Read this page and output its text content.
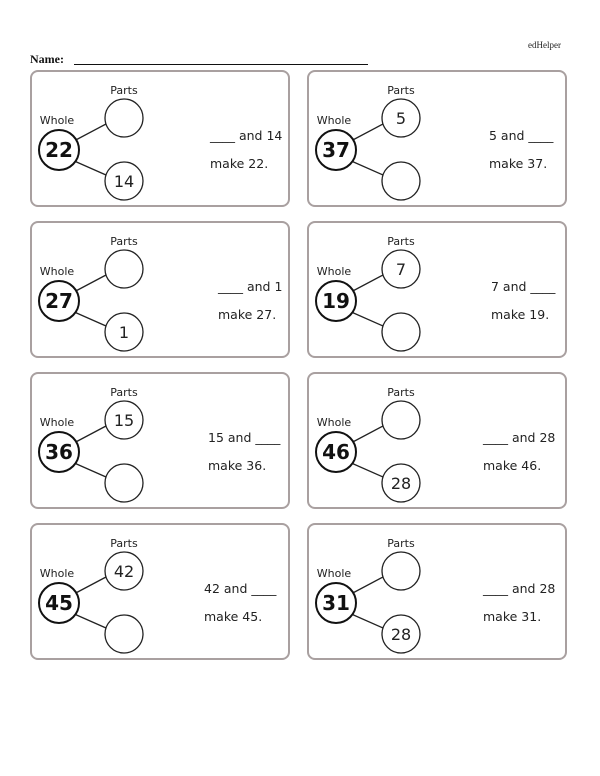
edHelper
Name:
Parts
Whole
22
14
____ and 14
make 22.
Parts
Whole
37
5
5 and ____
make 37.
Parts
Whole
27
1
____ and 1
make 27.
Parts
Whole
19
7
7 and ____
make 19.
Parts
Whole
36
15
15 and ____
make 36.
Parts
Whole
46
28
____ and 28
make 46.
Parts
Whole
45
42
42 and ____
make 45.
Parts
Whole
31
28
____ and 28
make 31.
